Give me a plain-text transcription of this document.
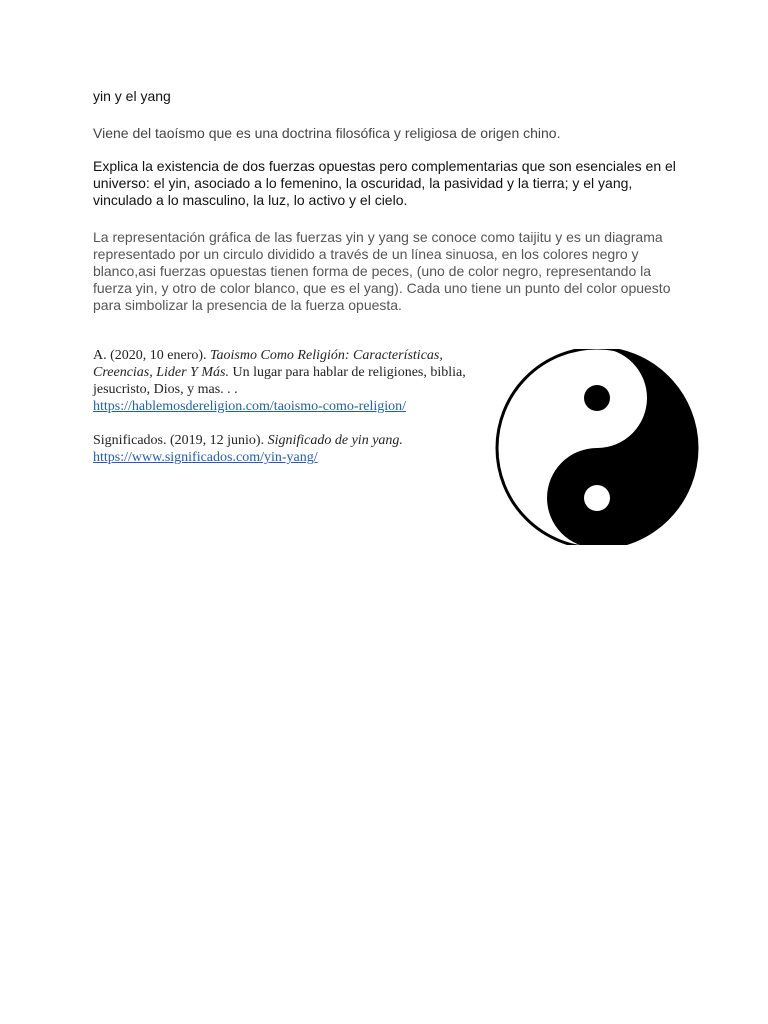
yin y el yang

Viene del taoísmo que es una doctrina filosófica y religiosa de origen chino.

Explica la existencia de dos fuerzas opuestas pero complementarias que son esenciales en el universo: el yin, asociado a lo femenino, la oscuridad, la pasividad y la tierra; y el yang, vinculado a lo masculino, la luz, lo activo y el cielo.

La representación gráfica de las fuerzas yin y yang se conoce como taijitu y es un diagrama representado por un circulo dividido a través de un línea sinuosa, en los colores negro y blanco,asi fuerzas opuestas tienen forma de peces, (uno de color negro, representando la fuerza yin, y otro de color blanco, que es el yang). Cada uno tiene un punto del color opuesto para simbolizar la presencia de la fuerza opuesta.

A. (2020, 10 enero). Taoismo Como Religión: Características, Creencias, Lider Y Más. Un lugar para hablar de religiones, biblia, jesucristo, Dios, y mas. . .
https://hablemosdereligion.com/taoismo-como-religion/

Significados. (2019, 12 junio). Significado de yin yang.
https://www.significados.com/yin-yang/
